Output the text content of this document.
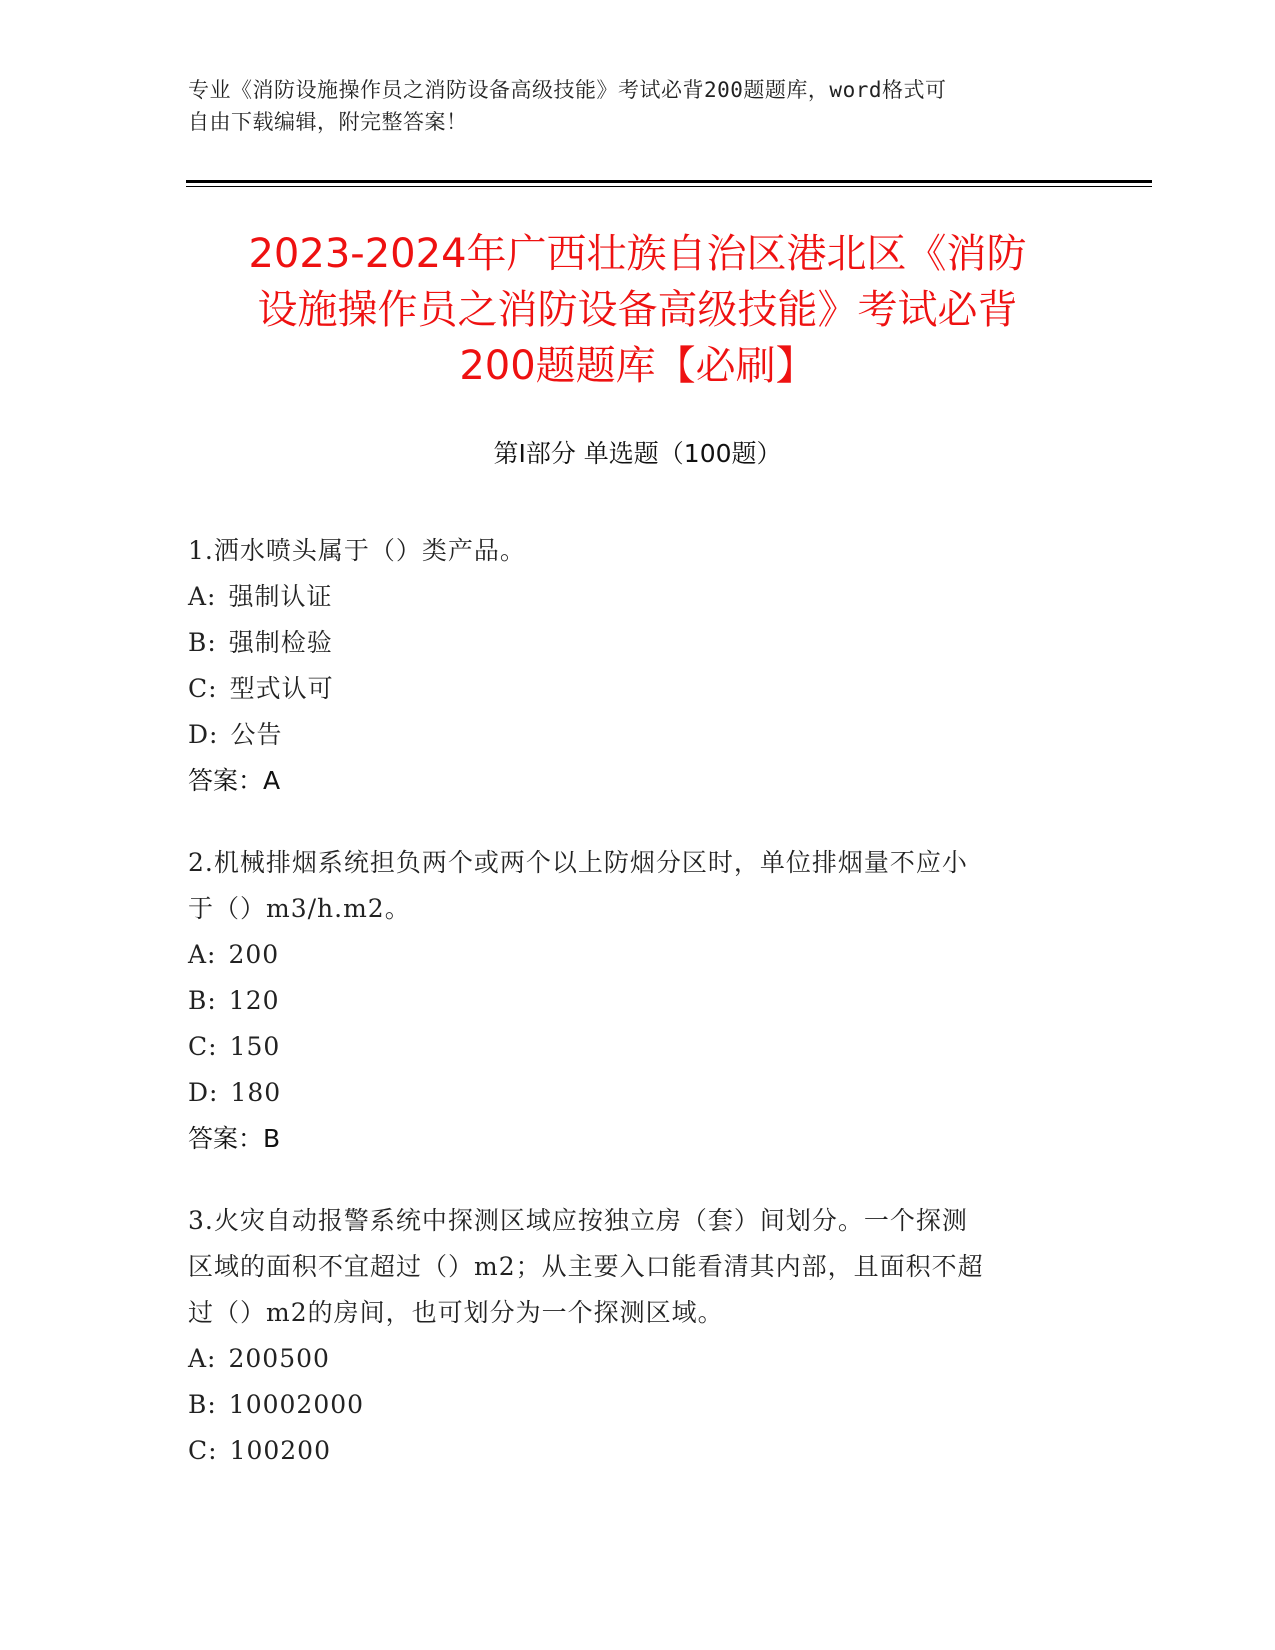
专业《消防设施操作员之消防设备高级技能》考试必背200题题库，word格式可
自由下载编辑，附完整答案！
2023-2024年广西壮族自治区港北区《消防
设施操作员之消防设备高级技能》考试必背
200题题库【必刷】
第I部分 单选题（100题）
1.洒水喷头属于（）类产品。
A: 强制认证
B: 强制检验
C: 型式认可
D: 公告
答案：A
2.机械排烟系统担负两个或两个以上防烟分区时，单位排烟量不应小
于（）m3/h.m2。
A: 200
B: 120
C: 150
D: 180
答案：B
3.火灾自动报警系统中探测区域应按独立房（套）间划分。一个探测
区域的面积不宜超过（）m2；从主要入口能看清其内部，且面积不超
过（）m2的房间，也可划分为一个探测区域。
A: 200500
B: 10002000
C: 100200
